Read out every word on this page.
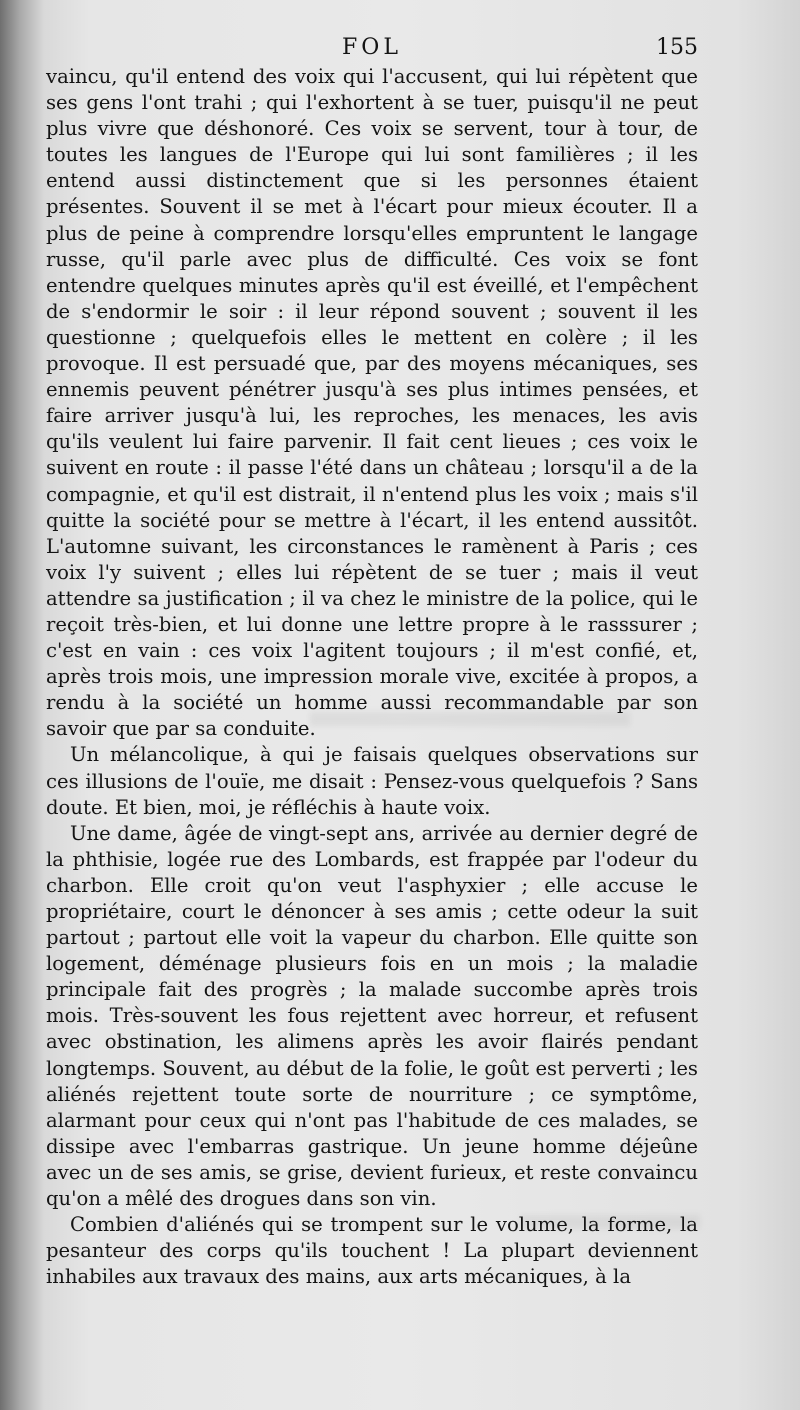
FOL	155

vaincu, qu'il entend des voix qui l'accusent, qui lui répètent que ses gens l'ont trahi ; qui l'exhortent à se tuer, puisqu'il ne peut plus vivre que déshonoré. Ces voix se servent, tour à tour, de toutes les langues de l'Europe qui lui sont familières ; il les entend aussi distinctement que si les personnes étaient présentes. Souvent il se met à l'écart pour mieux écouter. Il a plus de peine à comprendre lorsqu'elles empruntent le langage russe, qu'il parle avec plus de difficulté. Ces voix se font entendre quelques minutes après qu'il est éveillé, et l'empêchent de s'endormir le soir : il leur répond souvent ; souvent il les questionne ; quelquefois elles le mettent en colère ; il les provoque. Il est persuadé que, par des moyens mécaniques, ses ennemis peuvent pénétrer jusqu'à ses plus intimes pensées, et faire arriver jusqu'à lui, les reproches, les menaces, les avis qu'ils veulent lui faire parvenir. Il fait cent lieues ; ces voix le suivent en route : il passe l'été dans un château ; lorsqu'il a de la compagnie, et qu'il est distrait, il n'entend plus les voix ; mais s'il quitte la société pour se mettre à l'écart, il les entend aussitôt. L'automne suivant, les circonstances le ramènent à Paris ; ces voix l'y suivent ; elles lui répètent de se tuer ; mais il veut attendre sa justification ; il va chez le ministre de la police, qui le reçoit très-bien, et lui donne une lettre propre à le rasssurer ; c'est en vain : ces voix l'agitent toujours ; il m'est confié, et, après trois mois, une impression morale vive, excitée à propos, a rendu à la société un homme aussi recommandable par son savoir que par sa conduite.

Un mélancolique, à qui je faisais quelques observations sur ces illusions de l'ouïe, me disait : Pensez-vous quelquefois ? Sans doute. Et bien, moi, je réfléchis à haute voix.

Une dame, âgée de vingt-sept ans, arrivée au dernier degré de la phthisie, logée rue des Lombards, est frappée par l'odeur du charbon. Elle croit qu'on veut l'asphyxier ; elle accuse le propriétaire, court le dénoncer à ses amis ; cette odeur la suit partout ; partout elle voit la vapeur du charbon. Elle quitte son logement, déménage plusieurs fois en un mois ; la maladie principale fait des progrès ; la malade succombe après trois mois. Très-souvent les fous rejettent avec horreur, et refusent avec obstination, les alimens après les avoir flairés pendant longtemps. Souvent, au début de la folie, le goût est perverti ; les aliénés rejettent toute sorte de nourriture ; ce symptôme, alarmant pour ceux qui n'ont pas l'habitude de ces malades, se dissipe avec l'embarras gastrique. Un jeune homme déjeûne avec un de ses amis, se grise, devient furieux, et reste convaincu qu'on a mêlé des drogues dans son vin.

Combien d'aliénés qui se trompent sur le volume, la forme, la pesanteur des corps qu'ils touchent ! La plupart deviennent inhabiles aux travaux des mains, aux arts mécaniques, à la
